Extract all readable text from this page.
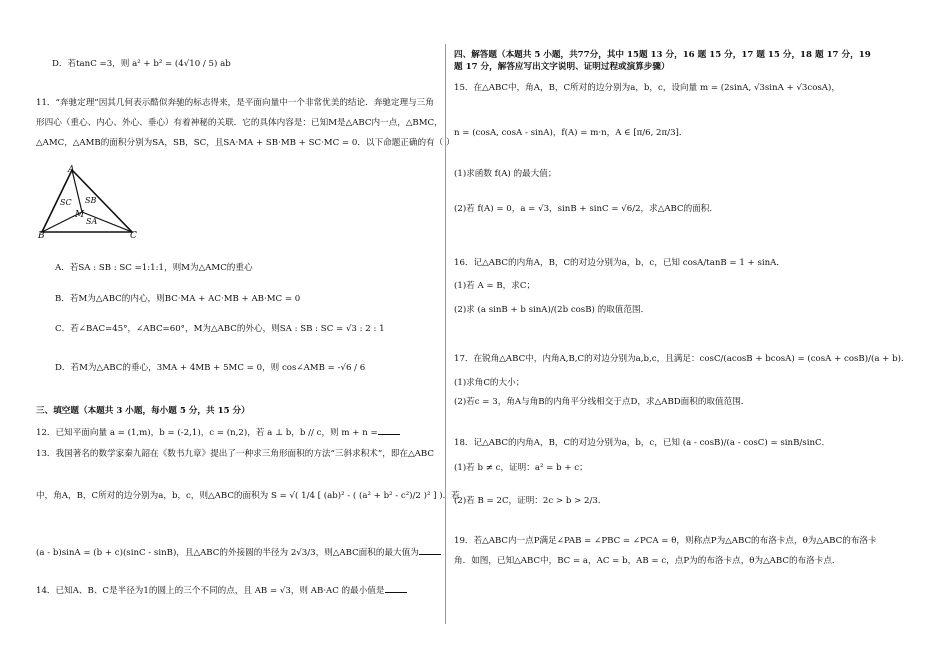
D．若tanC =3，则 a² + b² = (4√10 / 5) ab
11．“奔驰定理”因其几何表示酷似奔驰的标志得来，是平面向量中一个非常优美的结论．奔驰定理与三角
形四心（重心、内心、外心、垂心）有着神秘的关联．它的具体内容是：已知M是△ABC内一点，△BMC，
△AMC，△AMB的面积分别为SA，SB，SC，且SA·MA + SB·MB + SC·MC = 0．以下命题正确的有（ ）
A
B	C
M
SC SB
SA
A．若SA : SB : SC =1:1:1，则M为△AMC的重心
B．若M为△ABC的内心，则BC·MA + AC·MB + AB·MC = 0
C．若∠BAC=45°，∠ABC=60°，M为△ABC的外心，则SA : SB : SC = √3 : 2 : 1
D．若M为△ABC的垂心，3MA + 4MB + 5MC = 0，则 cos∠AMB = -√6 / 6
三、填空题（本题共 3 小题，每小题 5 分，共 15 分）
12．已知平面向量 a = (1,m)，b = (-2,1)，c = (n,2)，若 a ⊥ b，b // c，则 m + n =
13．我国著名的数学家秦九韶在《数书九章》提出了一种求三角形面积的方法“三斜求积术”，即在△ABC
中，角A，B，C所对的边分别为a，b，c，则△ABC的面积为 S = √( 1/4 [ (ab)² - ( (a² + b² - c²)/2 )² ] )．若
(a - b)sinA = (b + c)(sinC - sinB)，且△ABC的外接圆的半径为 2√3/3，则△ABC面积的最大值为
14．已知A、B、C是半径为1的圆上的三个不同的点，且 AB = √3，则 AB·AC 的最小值是
四、解答题（本题共 5 小题，共77分，其中 15题 13 分，16 题 15 分，17 题 15 分，18 题 17 分，19
题 17 分，解答应写出文字说明、证明过程或演算步骤）
15．在△ABC中，角A，B，C所对的边分别为a，b，c，设向量 m = (2sinA, √3sinA + √3cosA)，
n = (cosA, cosA - sinA)，f(A) = m·n，A ∈ [π/6, 2π/3]．
(1)求函数 f(A) 的最大值；
(2)若 f(A) = 0，a = √3，sinB + sinC = √6/2，求△ABC的面积．
16．记△ABC的内角A，B，C的对边分别为a，b，c，已知 cosA/tanB = 1 + sinA．
(1)若 A = B，求C；
(2)求 (a sinB + b sinA)/(2b cosB) 的取值范围．
17．在锐角△ABC中，内角A,B,C的对边分别为a,b,c，且满足：cosC/(acosB + bcosA) = (cosA + cosB)/(a + b)．
(1)求角C的大小；
(2)若c = 3，角A与角B的内角平分线相交于点D，求△ABD面积的取值范围．
18．记△ABC的内角A，B，C的对边分别为a，b，c，已知 (a - cosB)/(a - cosC) = sinB/sinC．
(1)若 b ≠ c，证明：a² = b + c；
(2)若 B = 2C，证明：2c > b > 2/3．
19．若△ABC内一点P满足∠PAB = ∠PBC = ∠PCA = θ，则称点P为△ABC的布洛卡点，θ为△ABC的布洛卡
角．如图，已知△ABC中，BC = a，AC = b，AB = c，点P为的布洛卡点，θ为△ABC的布洛卡点．
